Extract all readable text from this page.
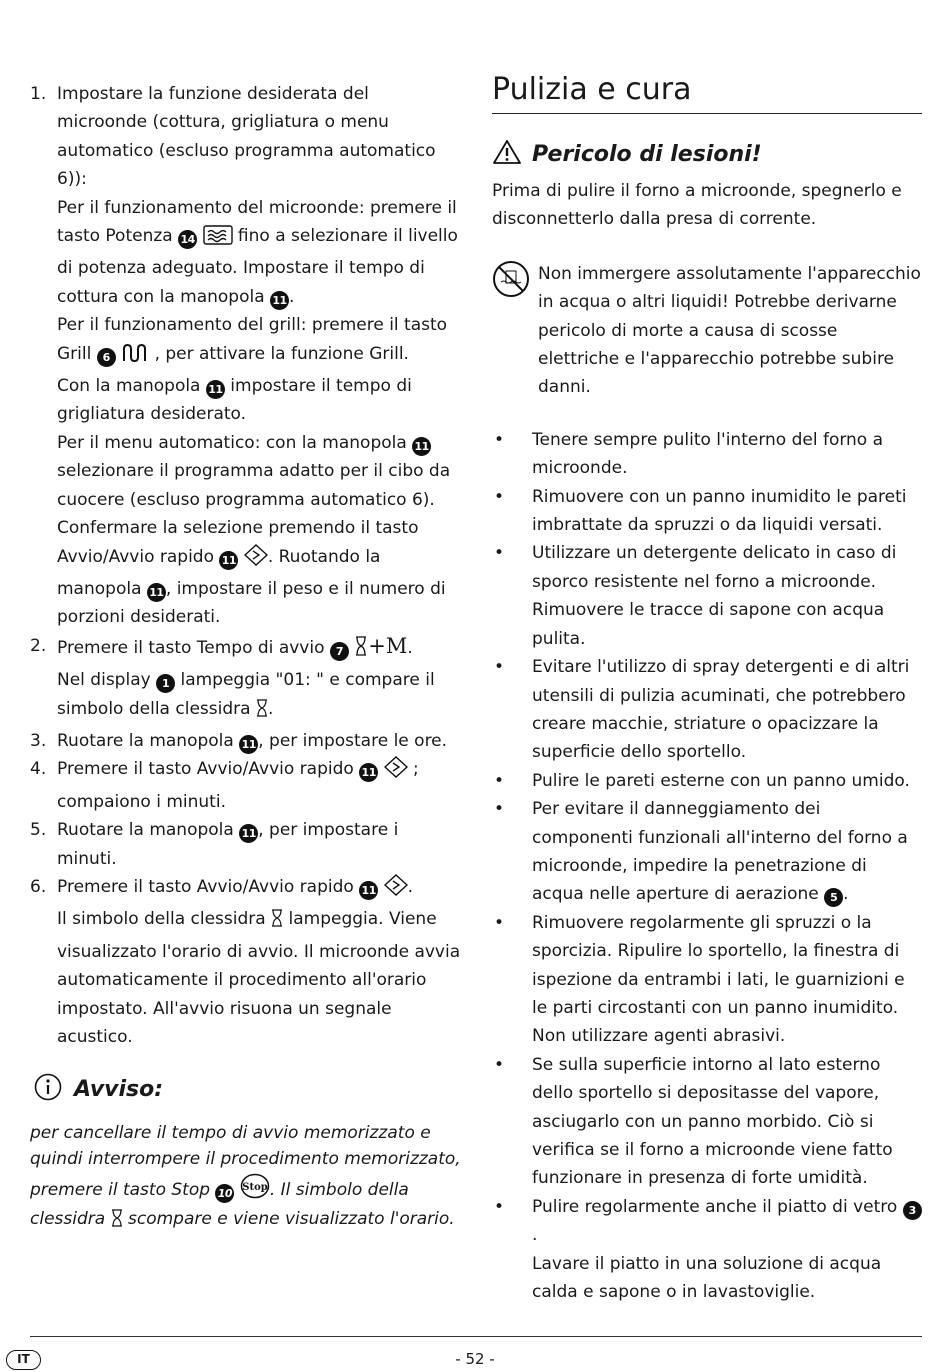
1. Impostare la funzione desiderata del microonde (cottura, grigliatura o menu automatico (escluso programma automatico 6)):
Per il funzionamento del microonde: premere il tasto Potenza 14	fino a selezionare il livello di potenza adeguato. Impostare il tempo di cottura con la manopola 11 .
Per il funzionamento del grill: premere il tasto Grill 6	, per attivare la funzione Grill.
Con la manopola 11 impostare il tempo di grigliatura desiderato.
Per il menu automatico: con la manopola 11 selezionare il programma adatto per il cibo da cuocere (escluso programma automatico 6). Confermare la selezione premendo il tasto Avvio/Avvio rapido 11 . Ruotando la manopola 11 , impostare il peso e il numero di porzioni desiderati.

2. Premere il tasto Tempo di avvio 7 +M.
Nel display 1 lampeggia "01: " e compare il simbolo della clessidra .

3. Ruotare la manopola 11 , per impostare le ore.

4. Premere il tasto Avvio/Avvio rapido 11 ; compaiono i minuti.

5. Ruotare la manopola 11 , per impostare i minuti.

6. Premere il tasto Avvio/Avvio rapido 11 .
Il simbolo della clessidra lampeggia. Viene visualizzato l'orario di avvio. Il microonde avvia automaticamente il procedimento all'orario impostato. All'avvio risuona un segnale acustico.

Avviso:

per cancellare il tempo di avvio memorizzato e quindi interrompere il procedimento memorizzato, premere il tasto Stop 10 Stop . Il simbolo della clessidra scompare e viene visualizzato l'orario.

Pulizia e cura
Pericolo di lesioni!

Prima di pulire il forno a microonde, spegnerlo e disconnetterlo dalla presa di corrente.

Non immergere assolutamente l'apparecchio in acqua o altri liquidi! Potrebbe derivarne pericolo di morte a causa di scosse elettriche e l'apparecchio potrebbe subire danni.

• Tenere sempre pulito l'interno del forno a microonde.
• Rimuovere con un panno inumidito le pareti imbrattate da spruzzi o da liquidi versati.
• Utilizzare un detergente delicato in caso di sporco resistente nel forno a microonde. Rimuovere le tracce di sapone con acqua pulita.
• Evitare l'utilizzo di spray detergenti e di altri utensili di pulizia acuminati, che potrebbero creare macchie, striature o opacizzare la superficie dello sportello.
• Pulire le pareti esterne con un panno umido.
• Per evitare il danneggiamento dei componenti funzionali all'interno del forno a microonde, impedire la penetrazione di acqua nelle aperture di aerazione 5 .
• Rimuovere regolarmente gli spruzzi o la sporcizia. Ripulire lo sportello, la finestra di ispezione da entrambi i lati, le guarnizioni e le parti circostanti con un panno inumidito.
Non utilizzare agenti abrasivi.
• Se sulla superficie intorno al lato esterno dello sportello si depositasse del vapore, asciugarlo con un panno morbido. Ciò si verifica se il forno a microonde viene fatto funzionare in presenza di forte umidità.
• Pulire regolarmente anche il piatto di vetro 3.
Lavare il piatto in una soluzione di acqua calda e sapone o in lavastoviglie.
IT	- 52 -
